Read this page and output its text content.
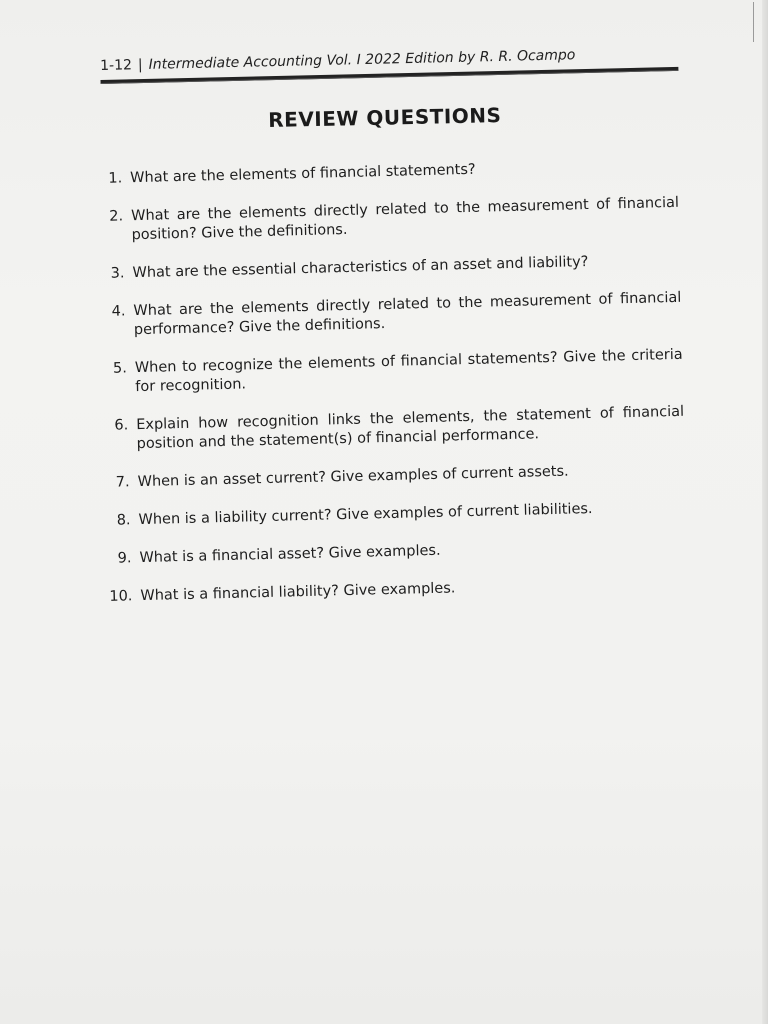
1-12 | Intermediate Accounting Vol. I 2022 Edition by R. R. Ocampo
REVIEW QUESTIONS
1. What are the elements of financial statements?
2. What are the elements directly related to the measurement of financial position? Give the definitions.
3. What are the essential characteristics of an asset and liability?
4. What are the elements directly related to the measurement of financial performance? Give the definitions.
5. When to recognize the elements of financial statements? Give the criteria for recognition.
6. Explain how recognition links the elements, the statement of financial position and the statement(s) of financial performance.
7. When is an asset current? Give examples of current assets.
8. When is a liability current? Give examples of current liabilities.
9. What is a financial asset? Give examples.
10. What is a financial liability? Give examples.
